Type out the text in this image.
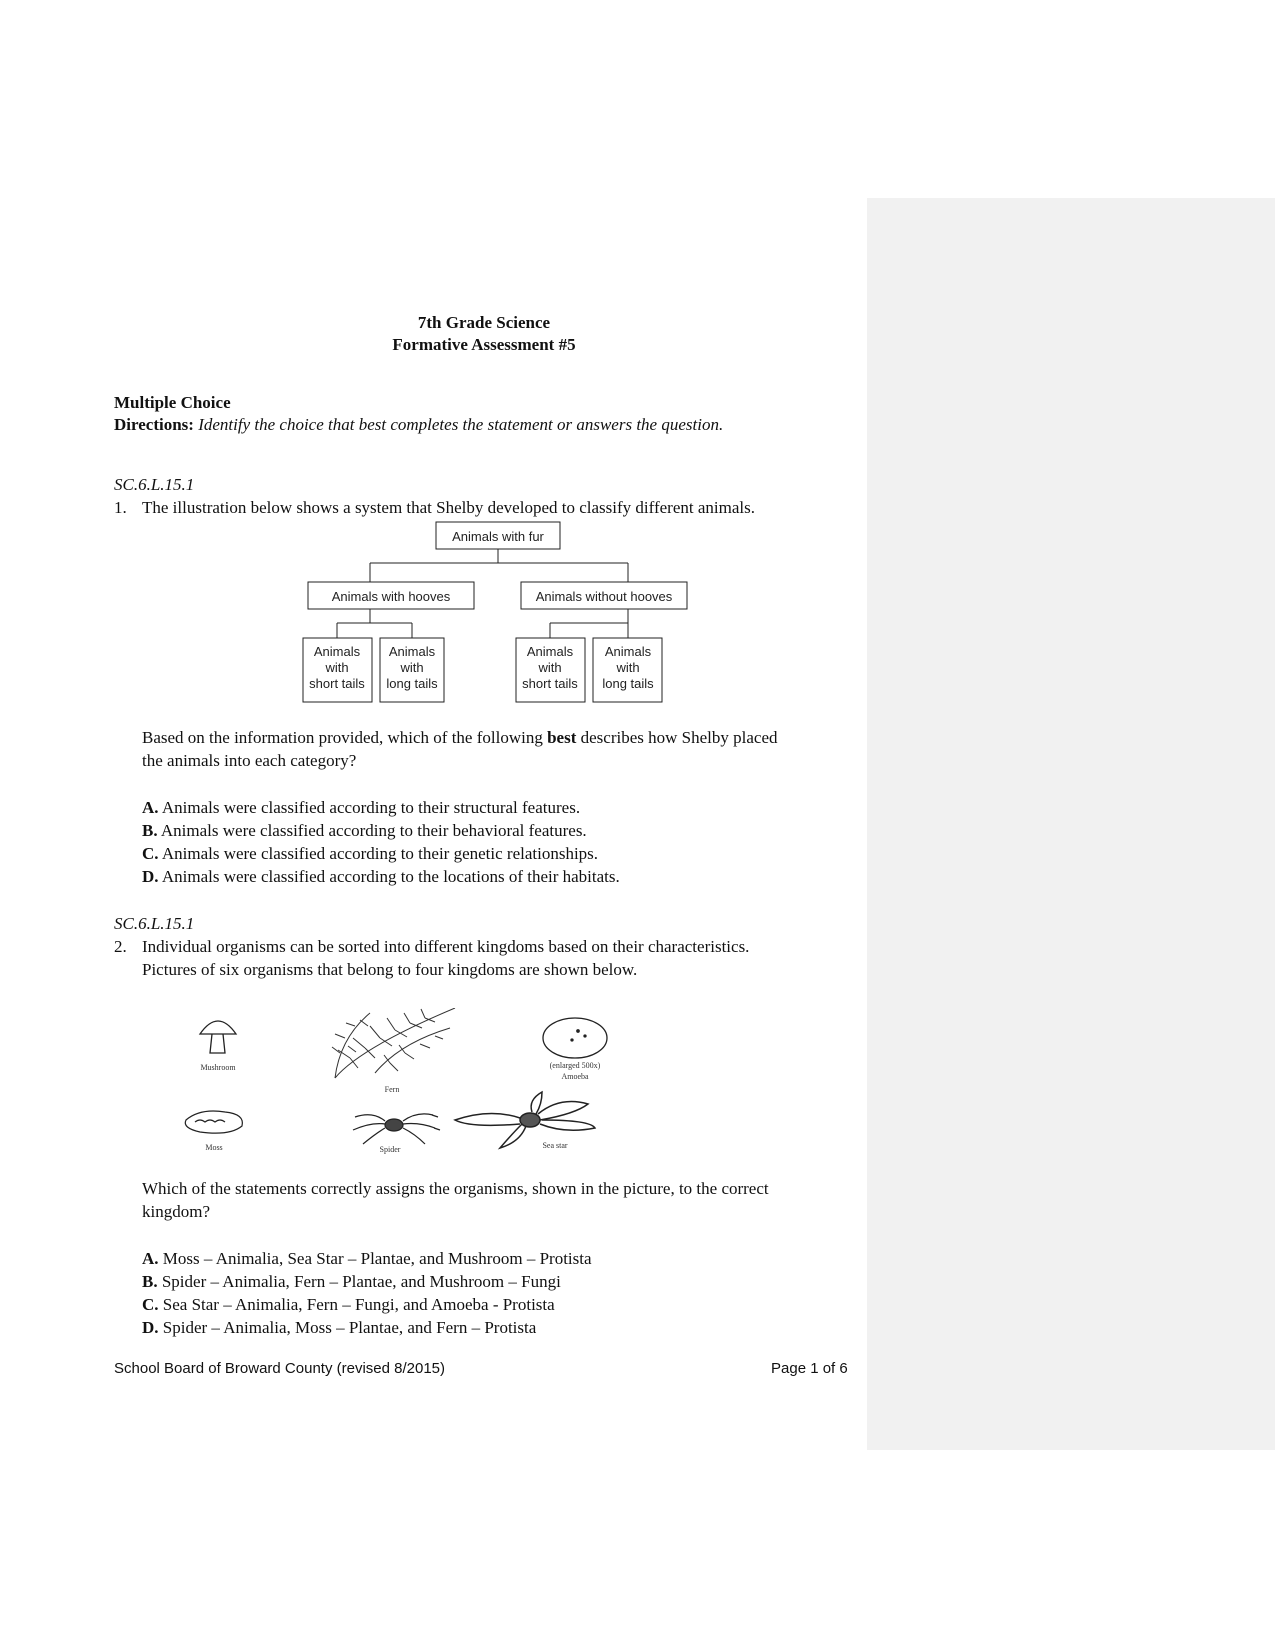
7th Grade Science
Formative Assessment #5
Multiple Choice
Directions: Identify the choice that best completes the statement or answers the question.
SC.6.L.15.1
1. The illustration below shows a system that Shelby developed to classify different animals.
Animals with fur
Animals with hooves	Animals without hooves
Animals
with
short tails
Animals
with
long tails
Animals
with
short tails
Animals
with
long tails
Based on the information provided, which of the following best describes how Shelby placed
the animals into each category?
A. Animals were classified according to their structural features.
B. Animals were classified according to their behavioral features.
C. Animals were classified according to their genetic relationships.
D. Animals were classified according to the locations of their habitats.
SC.6.L.15.1
2. Individual organisms can be sorted into different kingdoms based on their characteristics.
Pictures of six organisms that belong to four kingdoms are shown below.
Mushroom
Fern
(enlarged 500x)
Amoeba
Moss	Spider	Sea star
Which of the statements correctly assigns the organisms, shown in the picture, to the correct
kingdom?
A. Moss – Animalia, Sea Star – Plantae, and Mushroom – Protista
B. Spider – Animalia, Fern – Plantae, and Mushroom – Fungi
C. Sea Star – Animalia, Fern – Fungi, and Amoeba - Protista
D. Spider – Animalia, Moss – Plantae, and Fern – Protista
School Board of Broward County (revised 8/2015)	Page 1 of 6
